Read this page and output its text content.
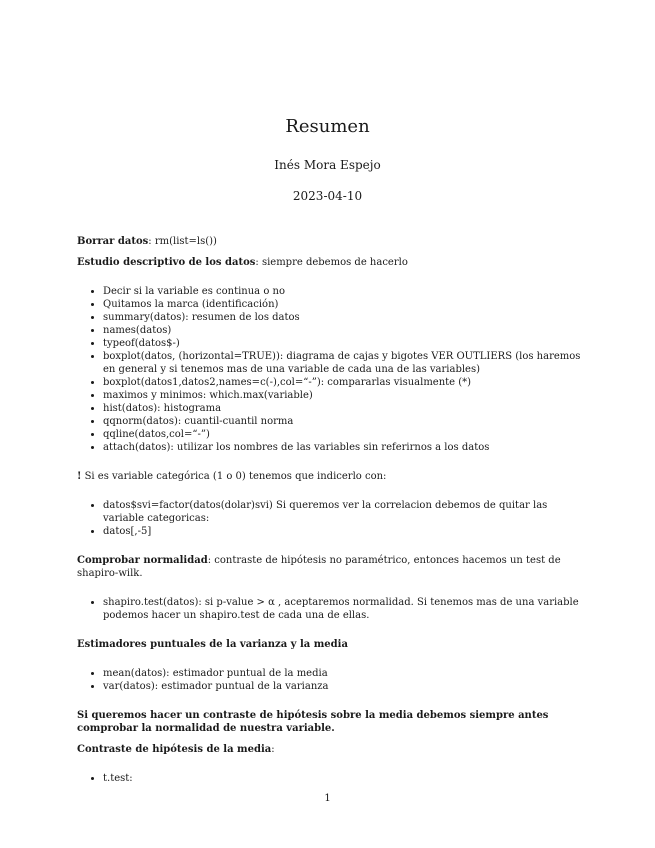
Resumen
Inés Mora Espejo
2023-04-10

Borrar datos: rm(list=ls())

Estudio descriptivo de los datos: siempre debemos de hacerlo

• Decir si la variable es continua o no
• Quitamos la marca (identificación)
• summary(datos): resumen de los datos
• names(datos)
• typeof(datos$-)
• boxplot(datos, (horizontal=TRUE)): diagrama de cajas y bigotes VER OUTLIERS (los haremos en general y si tenemos mas de una variable de cada una de las variables)
• boxplot(datos1,datos2,names=c(-),col=“-”): compararlas visualmente (*)
• maximos y minimos: which.max(variable)
• hist(datos): histograma
• qqnorm(datos): cuantil-cuantil norma
• qqline(datos,col=“-”)
• attach(datos): utilizar los nombres de las variables sin referirnos a los datos

! Si es variable categórica (1 o 0) tenemos que indicerlo con:

• datos$svi=factor(datos(dolar)svi) Si queremos ver la correlacion debemos de quitar las variable categoricas:
• datos[,-5]

Comprobar normalidad: contraste de hipótesis no paramétrico, entonces hacemos un test de shapiro-wilk.

• shapiro.test(datos): si p-value > α , aceptaremos normalidad. Si tenemos mas de una variable podemos hacer un shapiro.test de cada una de ellas.

Estimadores puntuales de la varianza y la media

• mean(datos): estimador puntual de la media
• var(datos): estimador puntual de la varianza

Si queremos hacer un contraste de hipótesis sobre la media debemos siempre antes comprobar la normalidad de nuestra variable.

Contraste de hipótesis de la media:

• t.test:
1
